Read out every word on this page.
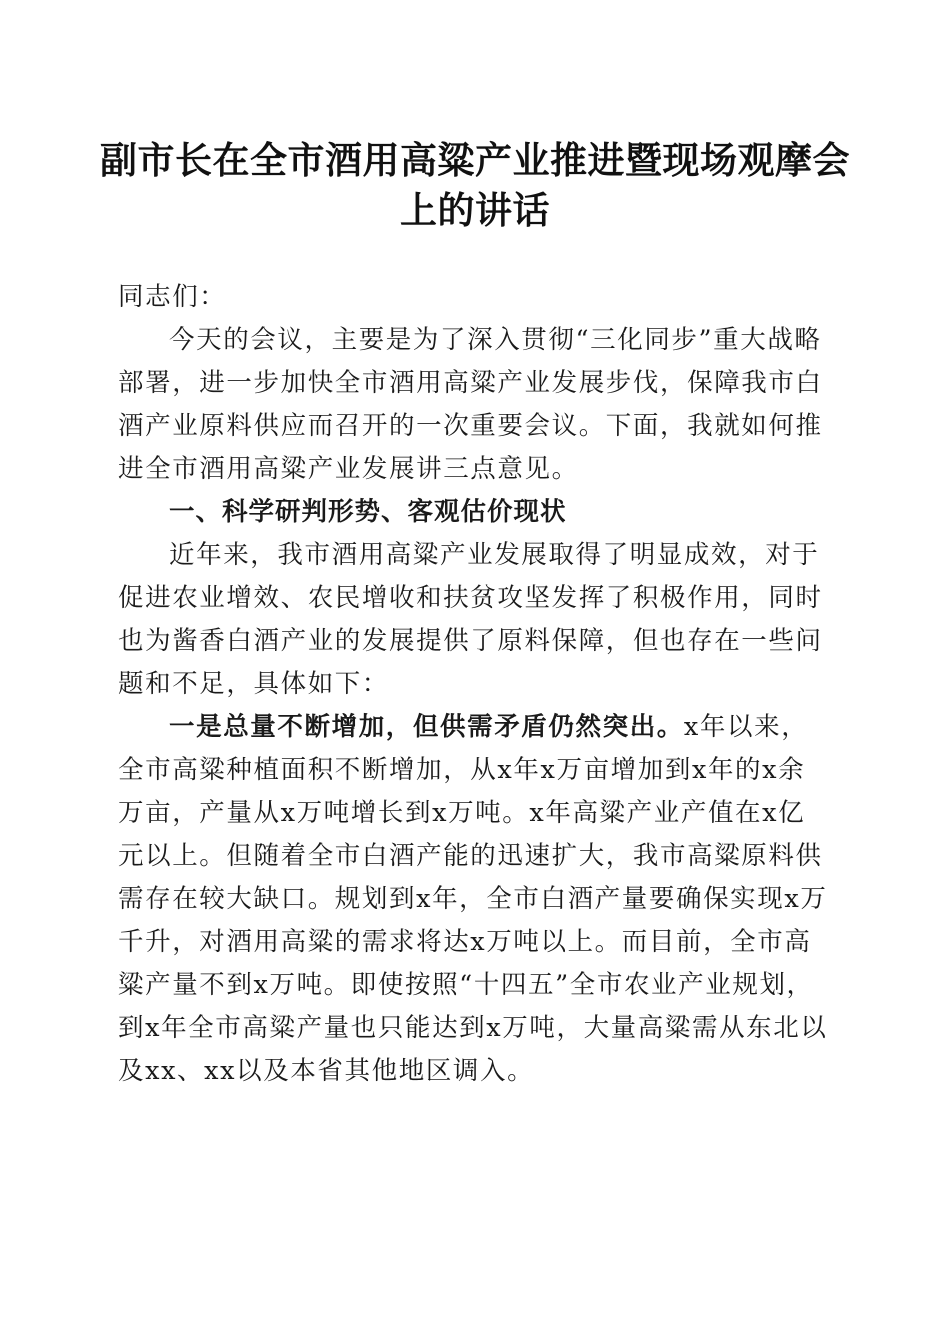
副市长在全市酒用高粱产业推进暨现场观摩会上的讲话

同志们：

今天的会议，主要是为了深入贯彻“三化同步”重大战略部署，进一步加快全市酒用高粱产业发展步伐，保障我市白酒产业原料供应而召开的一次重要会议。下面，我就如何推进全市酒用高粱产业发展讲三点意见。

一、科学研判形势、客观估价现状

近年来，我市酒用高粱产业发展取得了明显成效，对于促进农业增效、农民增收和扶贫攻坚发挥了积极作用，同时也为酱香白酒产业的发展提供了原料保障，但也存在一些问题和不足，具体如下：

一是总量不断增加，但供需矛盾仍然突出。x年以来，全市高粱种植面积不断增加，从x年x万亩增加到x年的x余万亩，产量从x万吨增长到x万吨。x年高粱产业产值在x亿元以上。但随着全市白酒产能的迅速扩大，我市高粱原料供需存在较大缺口。规划到x年，全市白酒产量要确保实现x万千升，对酒用高粱的需求将达x万吨以上。而目前，全市高粱产量不到x万吨。即使按照“十四五”全市农业产业规划，到x年全市高粱产量也只能达到x万吨，大量高粱需从东北以及xx、xx以及本省其他地区调入。
